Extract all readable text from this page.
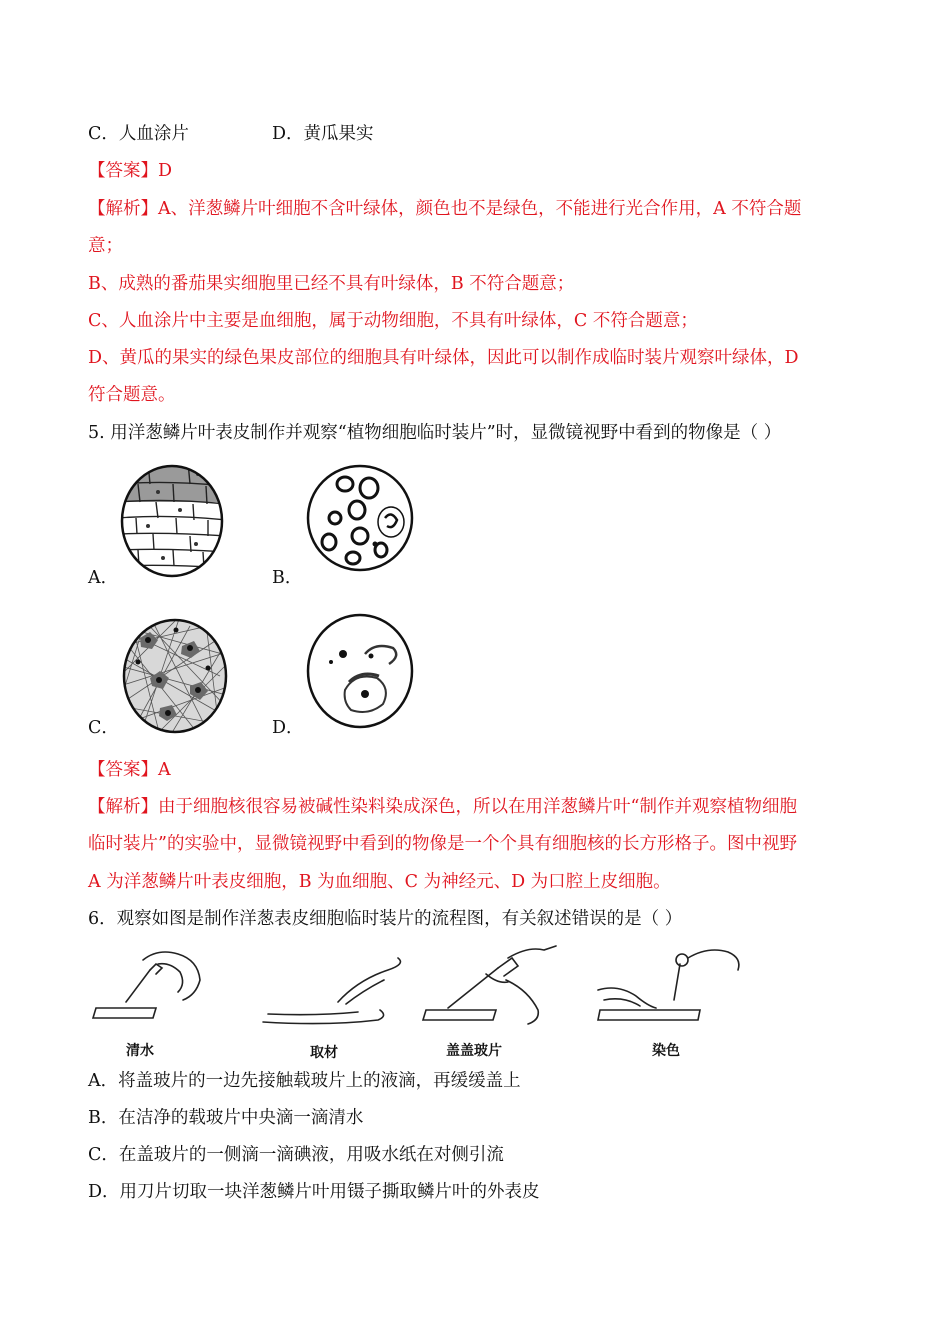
C．人血涂片	D．黄瓜果实
【答案】D
【解析】A、洋葱鳞片叶细胞不含叶绿体，颜色也不是绿色，不能进行光合作用，A 不符合题
意；
B、成熟的番茄果实细胞里已经不具有叶绿体，B 不符合题意；
C、人血涂片中主要是血细胞，属于动物细胞，不具有叶绿体，C 不符合题意；
D、黄瓜的果实的绿色果皮部位的细胞具有叶绿体，因此可以制作成临时装片观察叶绿体，D
符合题意。
5. 用洋葱鳞片叶表皮制作并观察“植物细胞临时装片”时，显微镜视野中看到的物像是（ ）
A．	B．
C．	D．
【答案】A
【解析】由于细胞核很容易被碱性染料染成深色，所以在用洋葱鳞片叶“制作并观察植物细胞
临时装片”的实验中，显微镜视野中看到的物像是一个个具有细胞核的长方形格子。图中视野
A 为洋葱鳞片叶表皮细胞，B 为血细胞、C 为神经元、D 为口腔上皮细胞。
6．观察如图是制作洋葱表皮细胞临时装片的流程图，有关叙述错误的是（ ）
清水	取材	盖盖玻片	染色
A．将盖玻片的一边先接触载玻片上的液滴，再缓缓盖上
B．在洁净的载玻片中央滴一滴清水
C．在盖玻片的一侧滴一滴碘液，用吸水纸在对侧引流
D．用刀片切取一块洋葱鳞片叶用镊子撕取鳞片叶的外表皮
